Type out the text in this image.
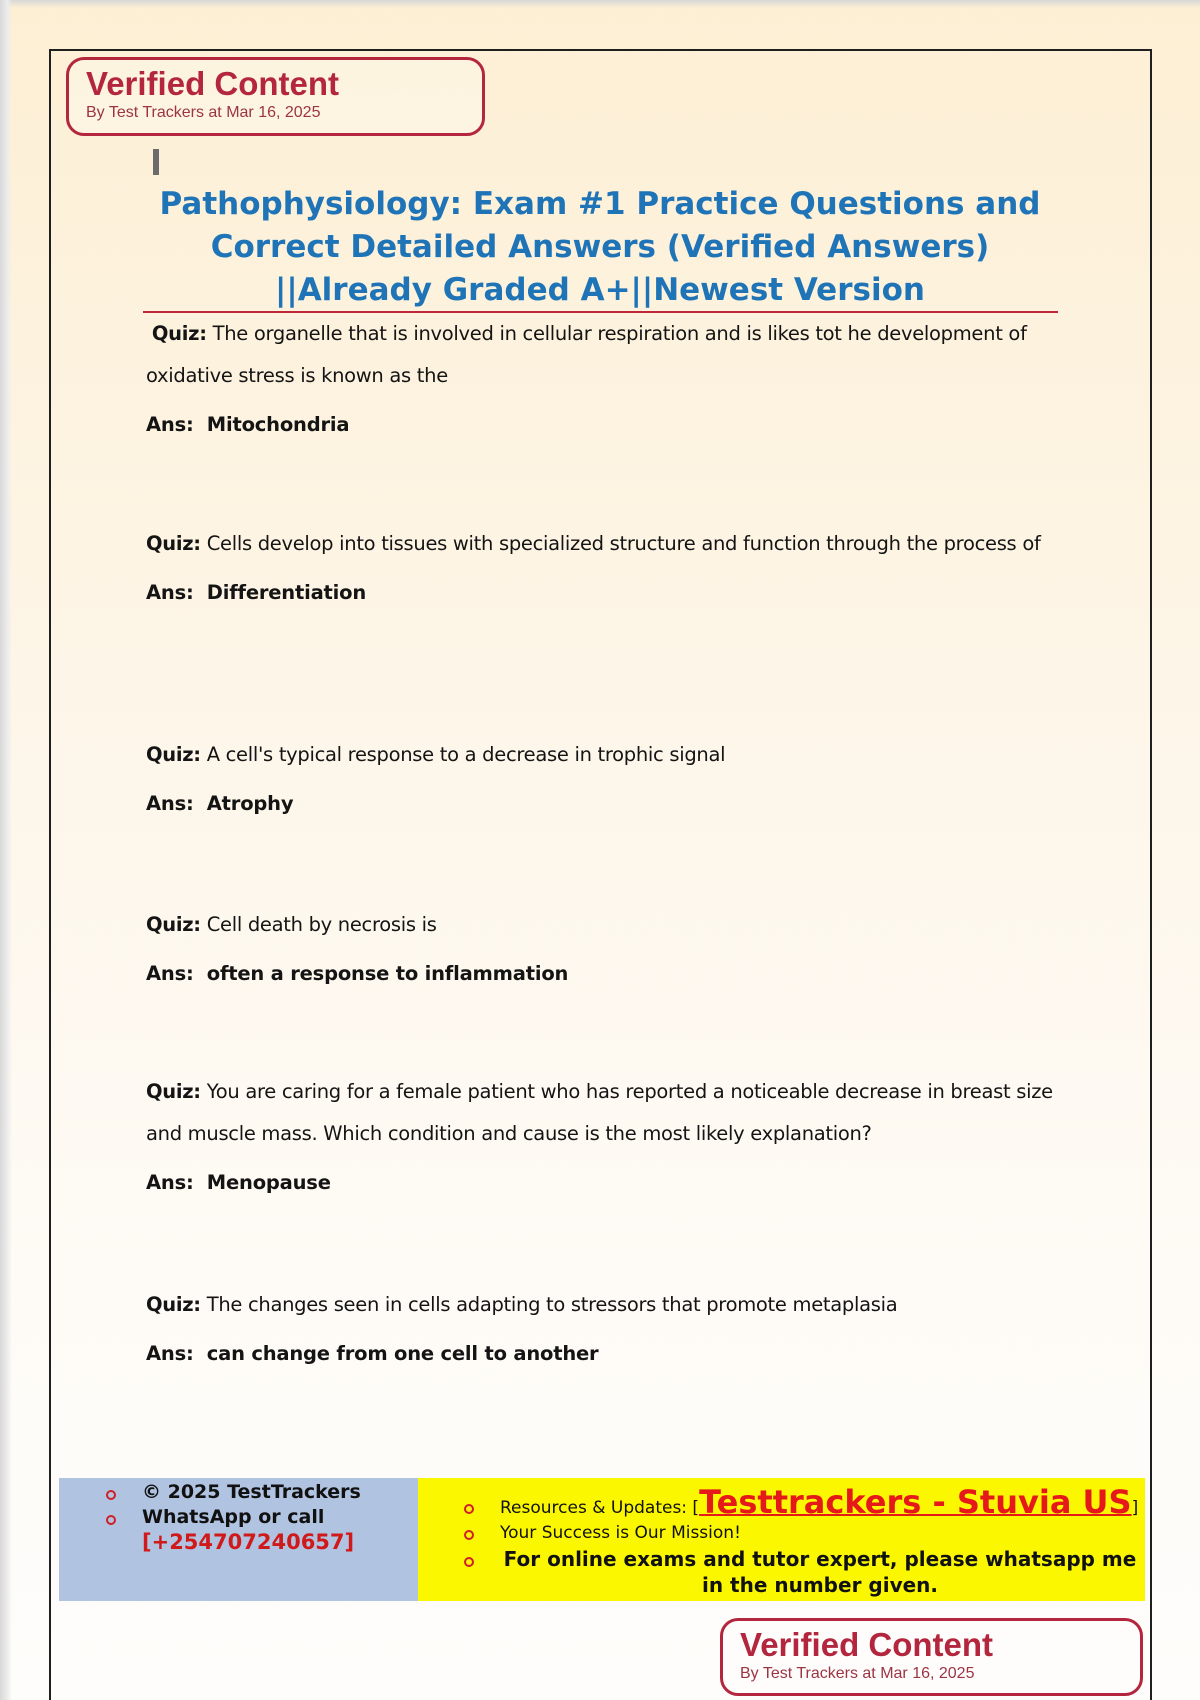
Verified Content
By Test Trackers at Mar 16, 2025
Pathophysiology: Exam #1 Practice Questions and
Correct Detailed Answers (Verified Answers)
||Already Graded A+||Newest Version
Quiz: The organelle that is involved in cellular respiration and is likes tot he development of oxidative stress is known as the
Ans: Mitochondria
Quiz: Cells develop into tissues with specialized structure and function through the process of
Ans: Differentiation
Quiz: A cell's typical response to a decrease in trophic signal
Ans: Atrophy
Quiz: Cell death by necrosis is
Ans: often a response to inflammation
Quiz: You are caring for a female patient who has reported a noticeable decrease in breast size and muscle mass. Which condition and cause is the most likely explanation?
Ans: Menopause
Quiz: The changes seen in cells adapting to stressors that promote metaplasia
Ans: can change from one cell to another
© 2025 TestTrackers
WhatsApp or call
[+254707240657]
Resources & Updates: [Testtrackers - Stuvia US]
Your Success is Our Mission!
For online exams and tutor expert, please whatsapp me
in the number given.
Verified Content
By Test Trackers at Mar 16, 2025
